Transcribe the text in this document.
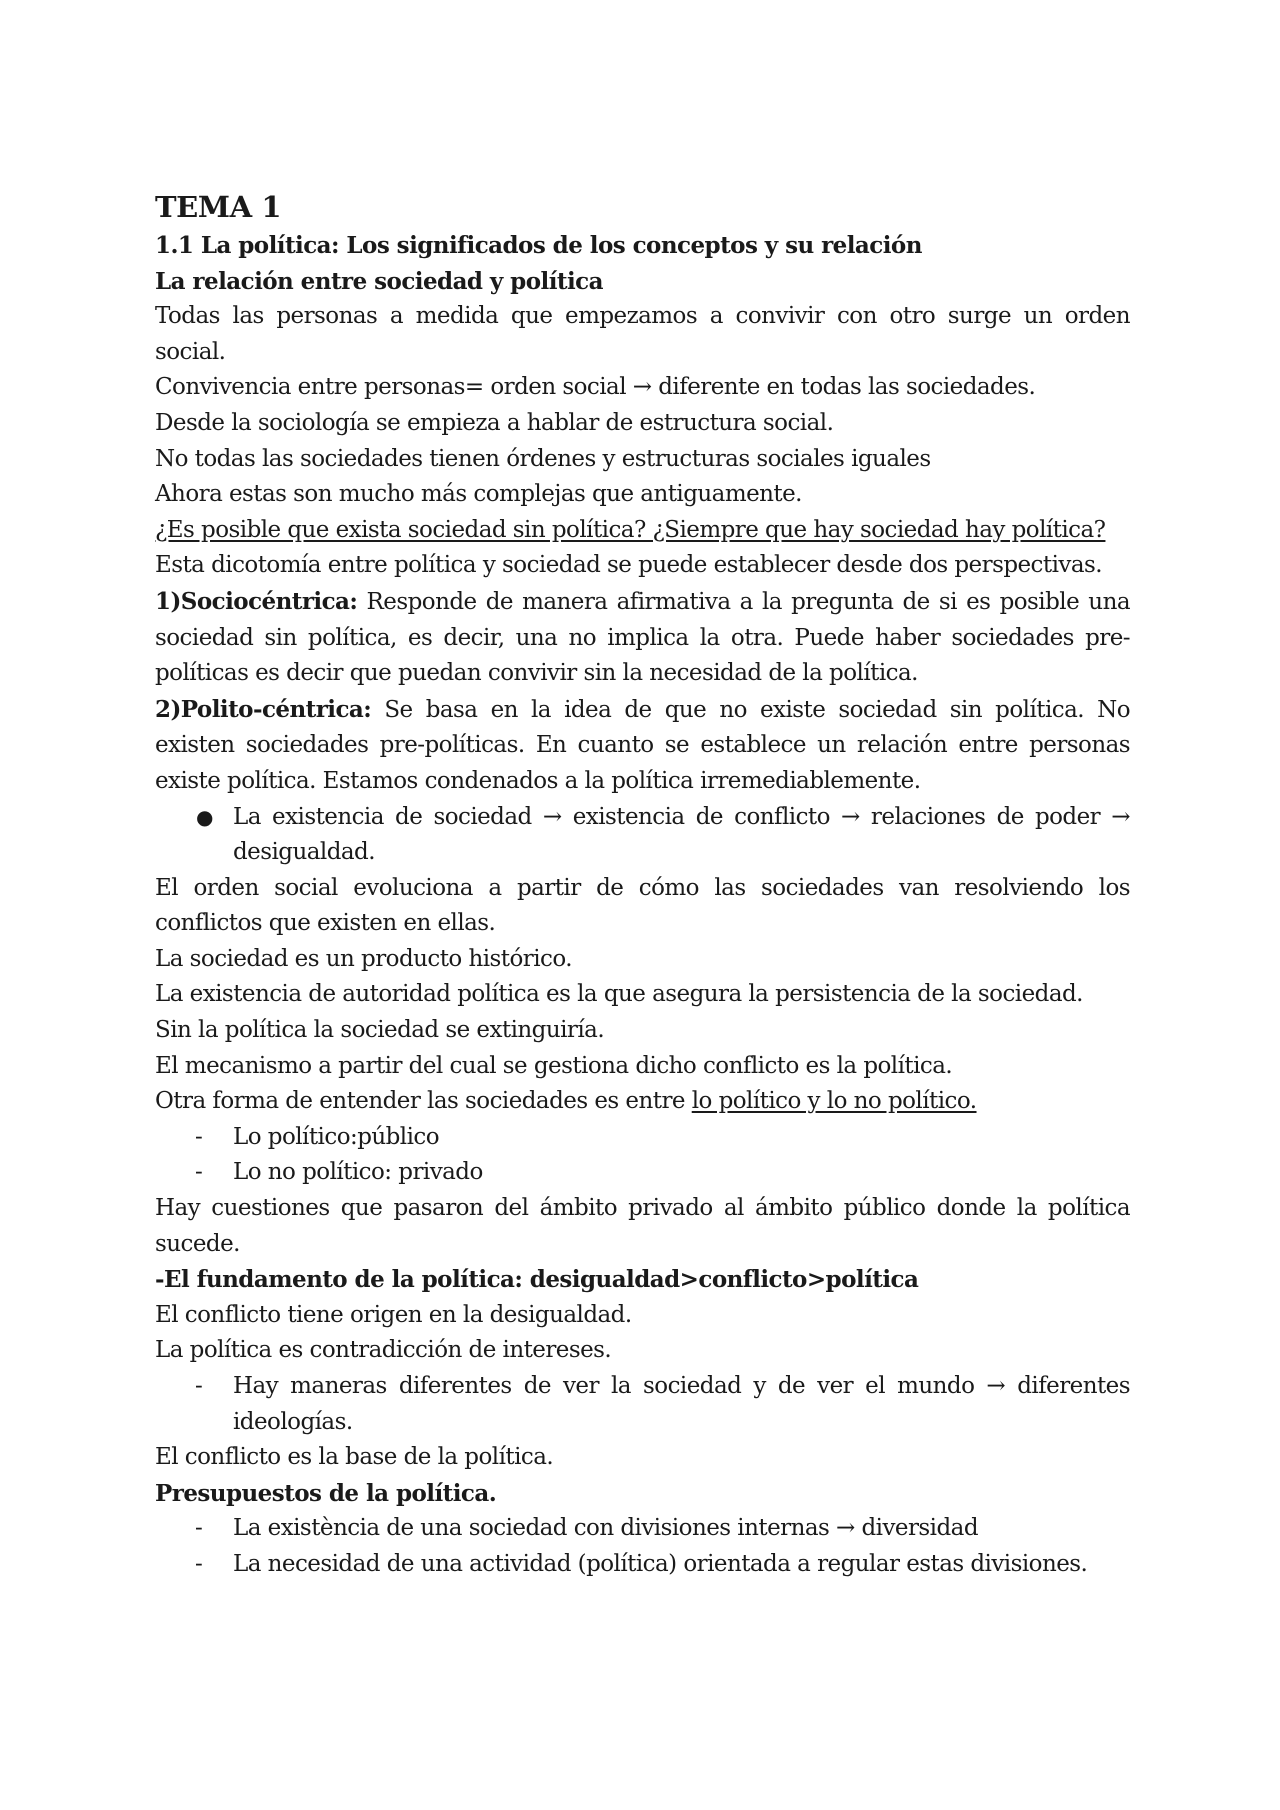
TEMA 1

1.1 La política: Los significados de los conceptos y su relación

La relación entre sociedad y política

Todas las personas a medida que empezamos a convivir con otro surge un orden social.

Convivencia entre personas= orden social → diferente en todas las sociedades.

Desde la sociología se empieza a hablar de estructura social.

No todas las sociedades tienen órdenes y estructuras sociales iguales

Ahora estas son mucho más complejas que antiguamente.

¿Es posible que exista sociedad sin política? ¿Siempre que hay sociedad hay política?

Esta dicotomía entre política y sociedad se puede establecer desde dos perspectivas.

1)Sociocéntrica: Responde de manera afirmativa a la pregunta de si es posible una sociedad sin política, es decir, una no implica la otra. Puede haber sociedades pre-políticas es decir que puedan convivir sin la necesidad de la política.

2)Polito-céntrica: Se basa en la idea de que no existe sociedad sin política. No existen sociedades pre-políticas. En cuanto se establece un relación entre personas existe política. Estamos condenados a la política irremediablemente.

● La existencia de sociedad → existencia de conflicto → relaciones de poder → desigualdad.

El orden social evoluciona a partir de cómo las sociedades van resolviendo los conflictos que existen en ellas.

La sociedad es un producto histórico.

La existencia de autoridad política es la que asegura la persistencia de la sociedad.

Sin la política la sociedad se extinguiría.

El mecanismo a partir del cual se gestiona dicho conflicto es la política.

Otra forma de entender las sociedades es entre lo político y lo no político.

- Lo político:público
- Lo no político: privado

Hay cuestiones que pasaron del ámbito privado al ámbito público donde la política sucede.

-El fundamento de la política: desigualdad>conflicto>política

El conflicto tiene origen en la desigualdad.

La política es contradicción de intereses.

- Hay maneras diferentes de ver la sociedad y de ver el mundo → diferentes ideologías.

El conflicto es la base de la política.

Presupuestos de la política.

- La existència de una sociedad con divisiones internas → diversidad
- La necesidad de una actividad (política) orientada a regular estas divisiones.
